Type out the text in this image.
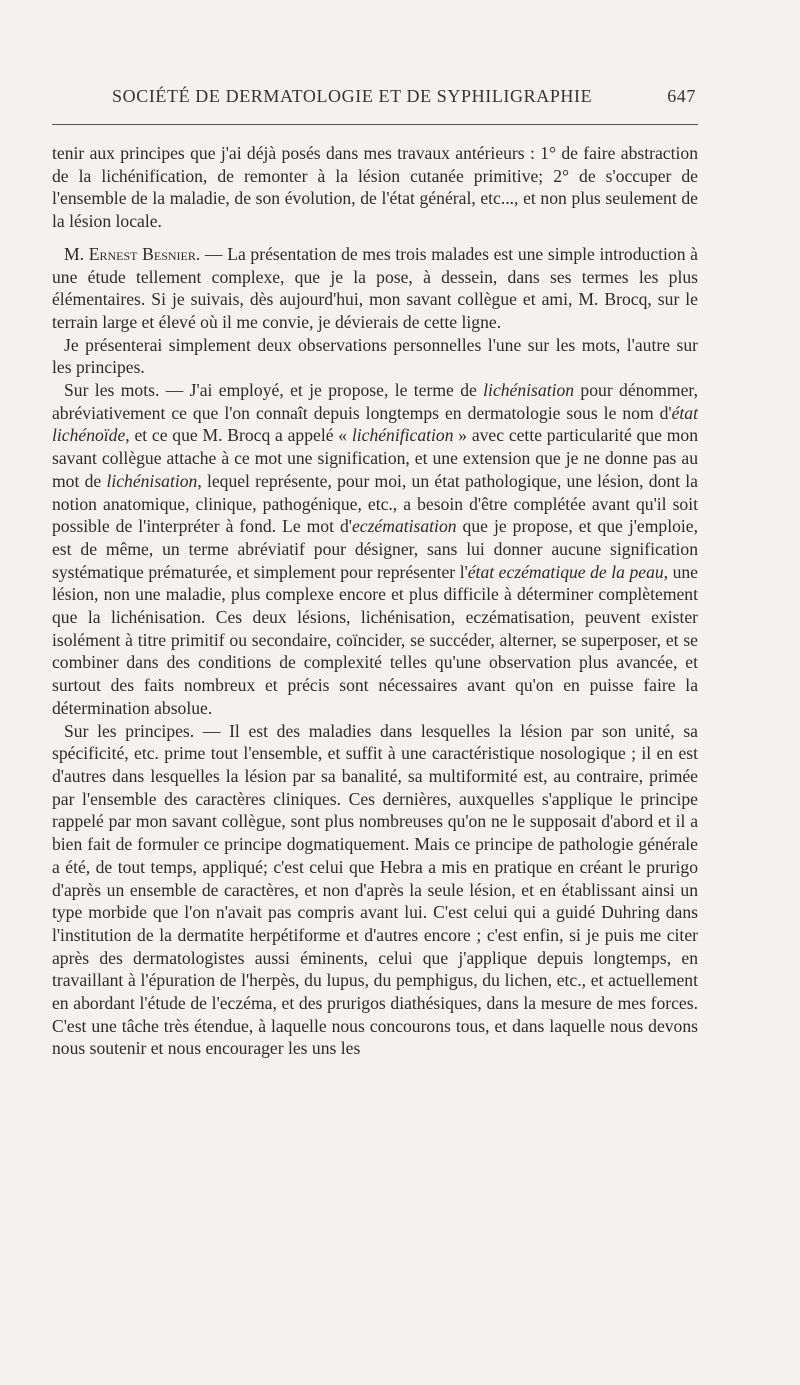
SOCIÉTÉ DE DERMATOLOGIE ET DE SYPHILIGRAPHIE	647

tenir aux principes que j'ai déjà posés dans mes travaux antérieurs : 1° de faire abstraction de la lichénification, de remonter à la lésion cutanée primitive; 2° de s'occuper de l'ensemble de la maladie, de son évolution, de l'état général, etc..., et non plus seulement de la lésion locale.

M. Ernest Besnier. — La présentation de mes trois malades est une simple introduction à une étude tellement complexe, que je la pose, à dessein, dans ses termes les plus élémentaires. Si je suivais, dès aujourd'hui, mon savant collègue et ami, M. Brocq, sur le terrain large et élevé où il me convie, je dévierais de cette ligne.

Je présenterai simplement deux observations personnelles l'une sur les mots, l'autre sur les principes.

Sur les mots. — J'ai employé, et je propose, le terme de lichénisation pour dénommer, abréviativement ce que l'on connaît depuis longtemps en dermatologie sous le nom d'état lichénoïde, et ce que M. Brocq a appelé « lichénification » avec cette particularité que mon savant collègue attache à ce mot une signification, et une extension que je ne donne pas au mot de lichénisation, lequel représente, pour moi, un état pathologique, une lésion, dont la notion anatomique, clinique, pathogénique, etc., a besoin d'être complétée avant qu'il soit possible de l'interpréter à fond. Le mot d'eczématisation que je propose, et que j'emploie, est de même, un terme abréviatif pour désigner, sans lui donner aucune signification systématique prématurée, et simplement pour représenter l'état eczématique de la peau, une lésion, non une maladie, plus complexe encore et plus difficile à déterminer complètement que la lichénisation. Ces deux lésions, lichénisation, eczématisation, peuvent exister isolément à titre primitif ou secondaire, coïncider, se succéder, alterner, se superposer, et se combiner dans des conditions de complexité telles qu'une observation plus avancée, et surtout des faits nombreux et précis sont nécessaires avant qu'on en puisse faire la détermination absolue.

Sur les principes. — Il est des maladies dans lesquelles la lésion par son unité, sa spécificité, etc. prime tout l'ensemble, et suffit à une caractéristique nosologique ; il en est d'autres dans lesquelles la lésion par sa banalité, sa multiformité est, au contraire, primée par l'ensemble des caractères cliniques. Ces dernières, auxquelles s'applique le principe rappelé par mon savant collègue, sont plus nombreuses qu'on ne le supposait d'abord et il a bien fait de formuler ce principe dogmatiquement. Mais ce principe de pathologie générale a été, de tout temps, appliqué; c'est celui que Hebra a mis en pratique en créant le prurigo d'après un ensemble de caractères, et non d'après la seule lésion, et en établissant ainsi un type morbide que l'on n'avait pas compris avant lui. C'est celui qui a guidé Duhring dans l'institution de la dermatite herpétiforme et d'autres encore ; c'est enfin, si je puis me citer après des dermatologistes aussi éminents, celui que j'applique depuis longtemps, en travaillant à l'épuration de l'herpès, du lupus, du pemphigus, du lichen, etc., et actuellement en abordant l'étude de l'eczéma, et des prurigos diathésiques, dans la mesure de mes forces. C'est une tâche très étendue, à laquelle nous concourons tous, et dans laquelle nous devons nous soutenir et nous encourager les uns les
